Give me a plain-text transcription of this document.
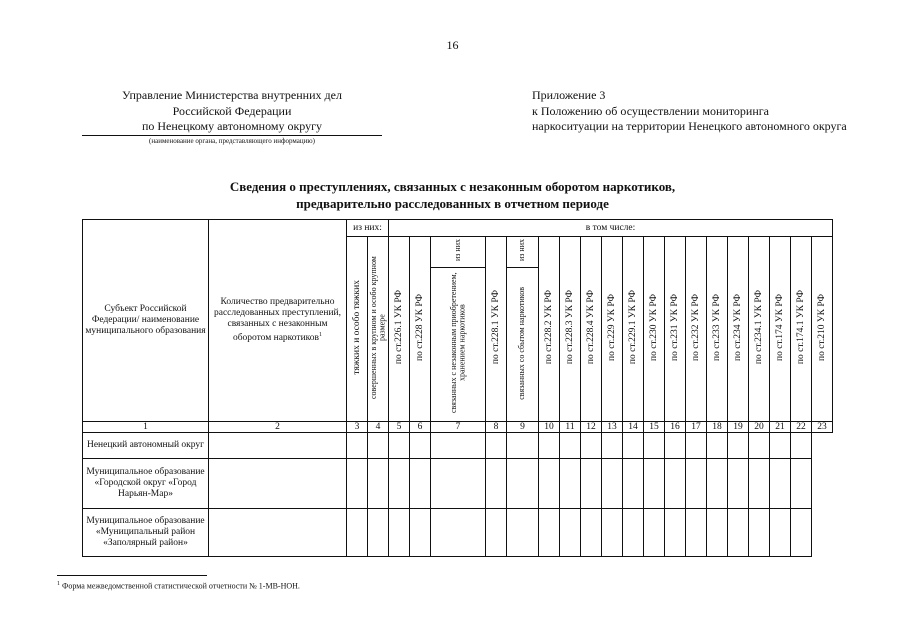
16
Управление Министерства внутренних дел
Российской Федерации

по Ненецкому автономному округу
(наименование органа, представляющего информацию)
Приложение 3
к Положению об осуществлении мониторинга
наркоситуации на территории Ненецкого автономного округа
Сведения о преступлениях, связанных с незаконным оборотом наркотиков,
предварительно расследованных в отчетном периоде
Субъект Российской Федерации/ наименование муниципального образования	Количество предварительно расследованных преступлений, связанных с незаконным оборотом наркотиков$^1$	из них:		в том числе:																		
		тяжких и особо тяжких	совершенных в крупном и особо крупном размере	по ст.226.1 УК РФ	по ст.228 УК РФ	из них	по ст.228.1 УК РФ	из них	по ст.228.2 УК РФ	по ст.228.3 УК РФ	по ст.228.4 УК РФ	по ст.229 УК РФ	по ст.229.1 УК РФ	по ст.230 УК РФ	по ст.231 УК РФ	по ст.232 УК РФ	по ст.233 УК РФ	по ст.234 УК РФ	по ст.234.1 УК РФ	по ст.174 УК РФ	по ст.174.1 УК РФ	по ст.210 УК РФ
						связанных с незаконным приобретением, хранением наркотиков		связанных со сбытом наркотиков														
1	2	3	4	5	6	7	8	9	10	11	12	13	14	15	16	17	18	19	20	21	22	23
Ненецкий автономный округ																						
Муниципальное образование «Городской округ «Город Нарьян-Мар»																						
Муниципальное образование «Муниципальный район «Заполярный район»																						
$^1$ Форма межведомственной статистической отчетности № 1-МВ-НОН.
